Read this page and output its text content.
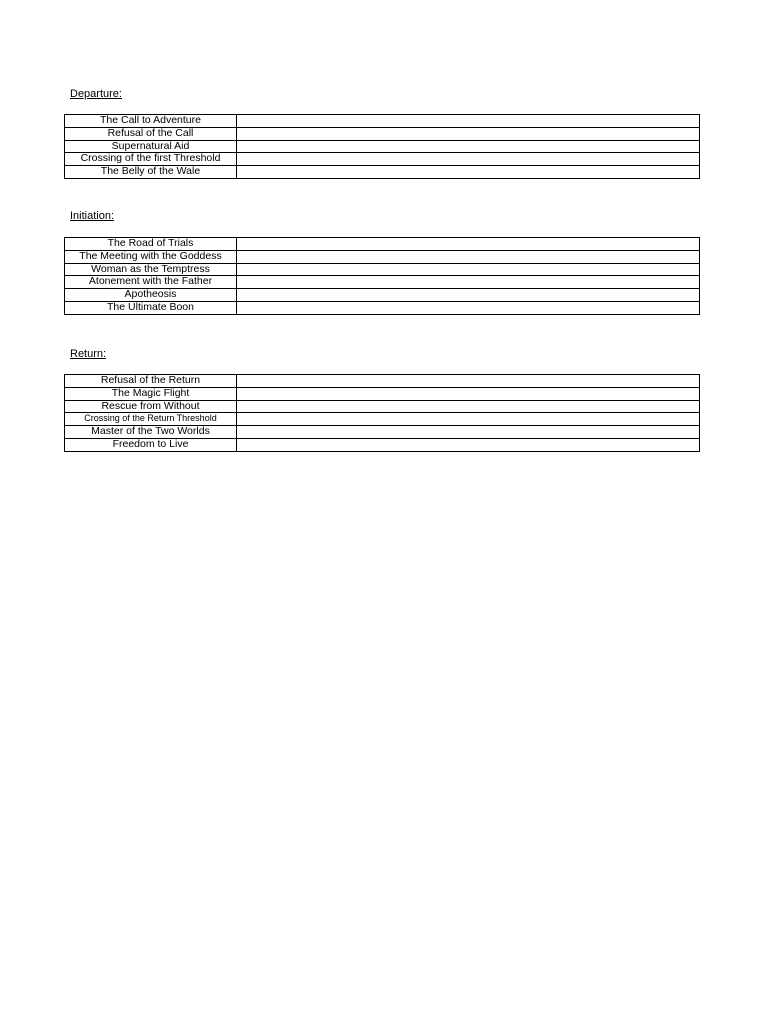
Departure:
The Call to Adventure	
Refusal of the Call	
Supernatural Aid	
Crossing of the first Threshold	
The Belly of the Wale	
Initiation:
The Road of Trials	
The Meeting with the Goddess	
Woman as the Temptress	
Atonement with the Father	
Apotheosis	
The Ultimate Boon	
Return:
Refusal of the Return	
The Magic Flight	
Rescue from Without	
Crossing of the Return Threshold	
Master of the Two Worlds	
Freedom to Live	
